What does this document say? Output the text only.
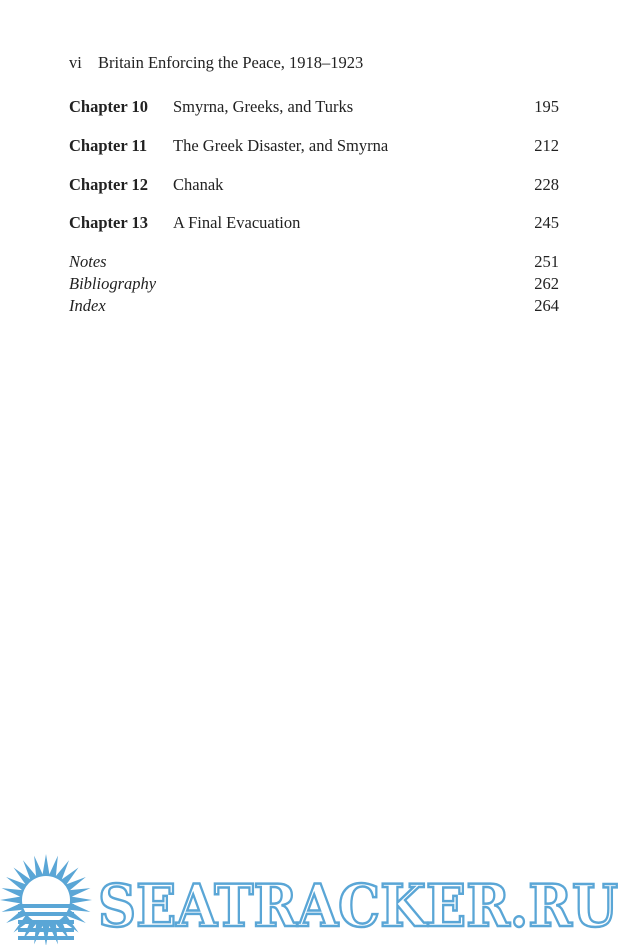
vi Britain Enforcing the Peace, 1918–1923
Chapter 10 Smyrna, Greeks, and Turks	195
Chapter 11 The Greek Disaster, and Smyrna	212
Chapter 12 Chanak	228
Chapter 13 A Final Evacuation	245
Notes	251
Bibliography	262
Index	264
SEATRACKER.RU
